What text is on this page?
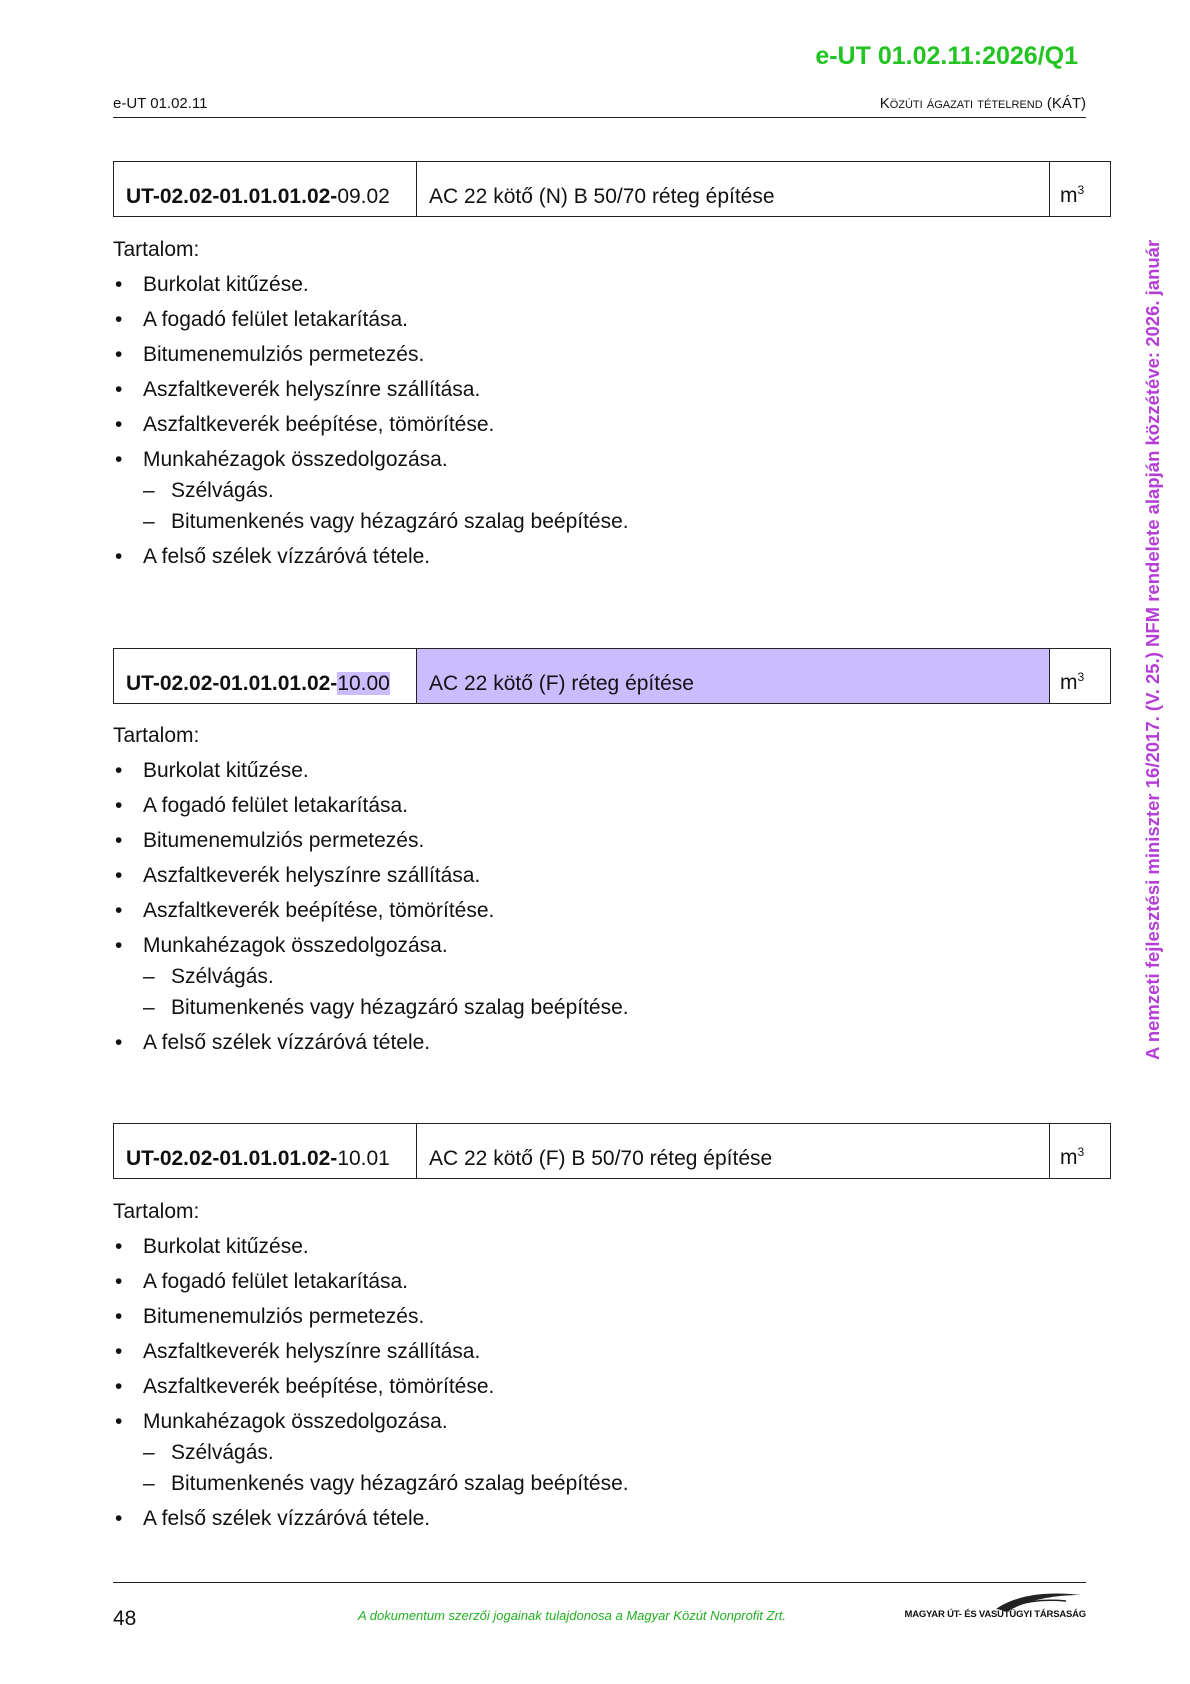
e-UT 01.02.11:2026/Q1
e-UT 01.02.11	Közúti ágazati tételrend (KÁT)
A nemzeti fejlesztési miniszter 16/2017. (V. 25.) NFM rendelete alapján közzétéve: 2026. január
UT-02.02-01.01.01.02-09.02	AC 22 kötő (N) B 50/70 réteg építése	$m^3$
Tartalom:
• Burkolat kitűzése.
• A fogadó felület letakarítása.
• Bitumenemulziós permetezés.
• Aszfaltkeverék helyszínre szállítása.
• Aszfaltkeverék beépítése, tömörítése.
• Munkahézagok összedolgozása.
– Szélvágás.
– Bitumenkenés vagy hézagzáró szalag beépítése.
• A felső szélek vízzáróvá tétele.
UT-02.02-01.01.01.02-10.00	AC 22 kötő (F) réteg építése	$m^3$
Tartalom:
• Burkolat kitűzése.
• A fogadó felület letakarítása.
• Bitumenemulziós permetezés.
• Aszfaltkeverék helyszínre szállítása.
• Aszfaltkeverék beépítése, tömörítése.
• Munkahézagok összedolgozása.
– Szélvágás.
– Bitumenkenés vagy hézagzáró szalag beépítése.
• A felső szélek vízzáróvá tétele.
UT-02.02-01.01.01.02-10.01	AC 22 kötő (F) B 50/70 réteg építése	$m^3$
Tartalom:
• Burkolat kitűzése.
• A fogadó felület letakarítása.
• Bitumenemulziós permetezés.
• Aszfaltkeverék helyszínre szállítása.
• Aszfaltkeverék beépítése, tömörítése.
• Munkahézagok összedolgozása.
– Szélvágás.
– Bitumenkenés vagy hézagzáró szalag beépítése.
• A felső szélek vízzáróvá tétele.
48	A dokumentum szerzői jogainak tulajdonosa a Magyar Közút Nonprofit Zrt.	MAGYAR ÚT- ÉS VASÚTÜGYI TÁRSASÁG
